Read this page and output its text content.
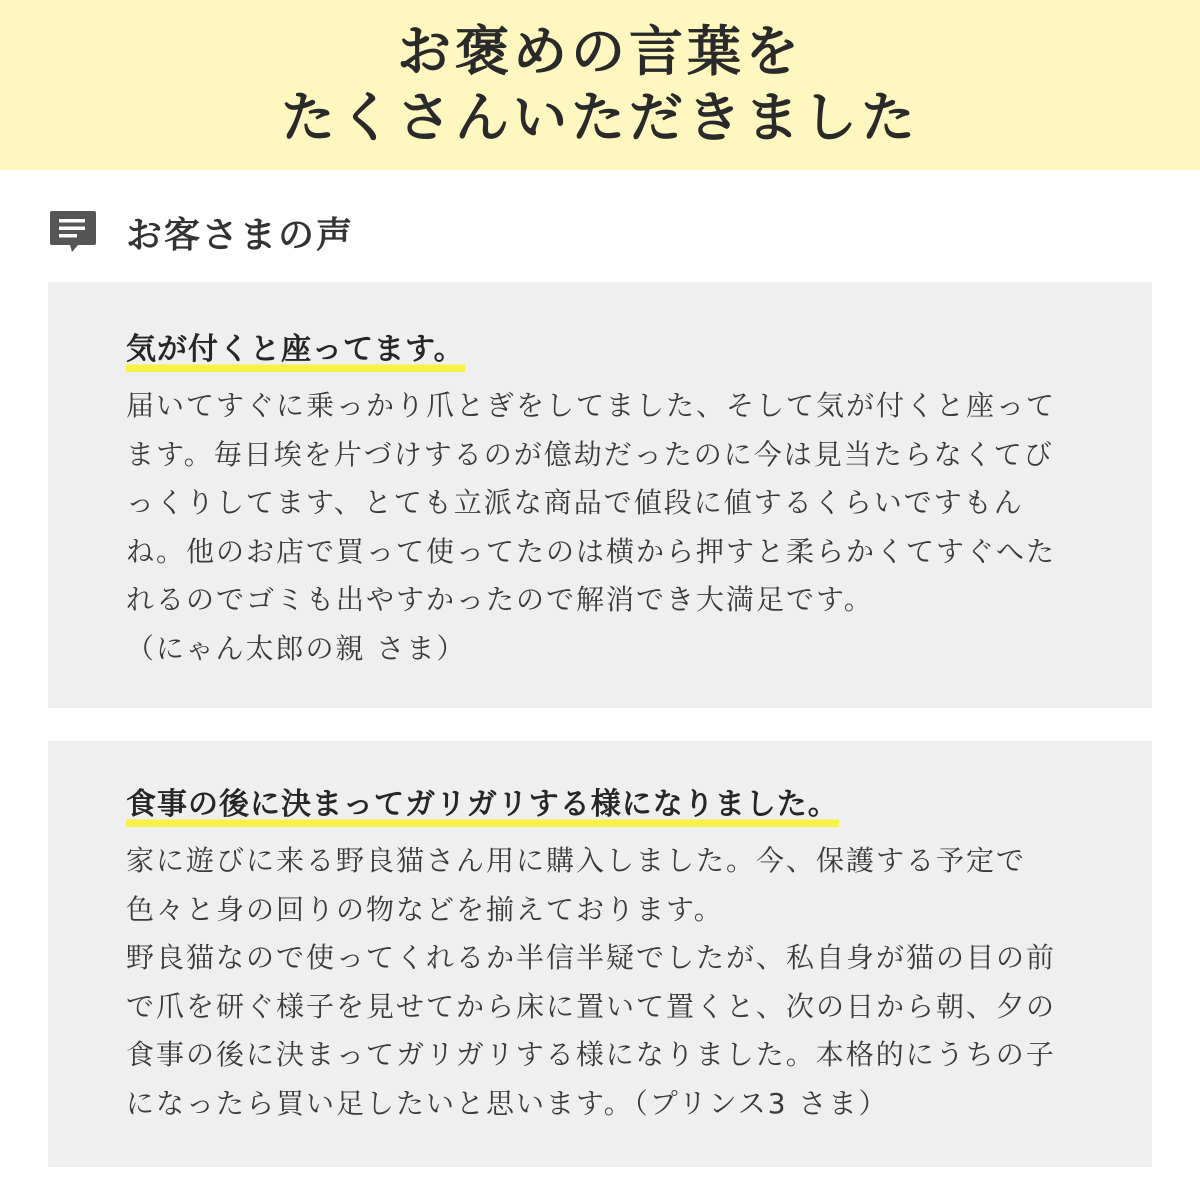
お褒めの言葉を
たくさんいただきました
お客さまの声
気が付くと座ってます。

届いてすぐに乗っかり爪とぎをしてました、そして気が付くと座ってます。毎日埃を片づけするのが億劫だったのに今は見当たらなくてびっくりしてます、とても立派な商品で値段に値するくらいですもんね。他のお店で買って使ってたのは横から押すと柔らかくてすぐへたれるのでゴミも出やすかったので解消でき大満足です。

（にゃん太郎の親 さま）

食事の後に決まってガリガリする様になりました。

家に遊びに来る野良猫さん用に購入しました。今、保護する予定で色々と身の回りの物などを揃えております。

野良猫なので使ってくれるか半信半疑でしたが、私自身が猫の目の前で爪を研ぐ様子を見せてから床に置いて置くと、次の日から朝、夕の食事の後に決まってガリガリする様になりました。本格的にうちの子になったら買い足したいと思います。（プリンス3 さま）
